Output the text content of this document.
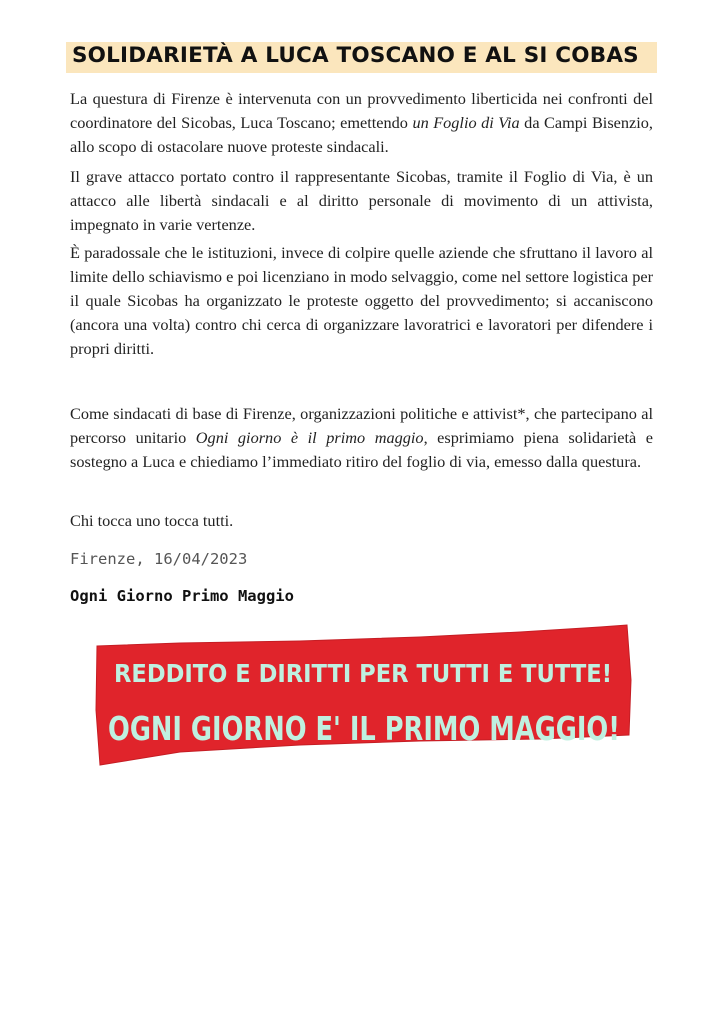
SOLIDARIETÀ A LUCA TOSCANO E AL SI COBAS

La questura di Firenze è intervenuta con un provvedimento liberticida nei confronti del coordinatore del Sicobas, Luca Toscano; emettendo un Foglio di Via da Campi Bisenzio, allo scopo di ostacolare nuove proteste sindacali.

Il grave attacco portato contro il rappresentante Sicobas, tramite il Foglio di Via, è un attacco alle libertà sindacali e al diritto personale di movimento di un attivista, impegnato in varie vertenze.

È paradossale che le istituzioni, invece di colpire quelle aziende che sfruttano il lavoro al limite dello schiavismo e poi licenziano in modo selvaggio, come nel settore logistica per il quale Sicobas ha organizzato le proteste oggetto del provvedimento; si accaniscono (ancora una volta) contro chi cerca di organizzare lavoratrici e lavoratori per difendere i propri diritti.

Come sindacati di base di Firenze, organizzazioni politiche e attivist*, che partecipano al percorso unitario Ogni giorno è il primo maggio, esprimiamo piena solidarietà e sostegno a Luca e chiediamo l’immediato ritiro del foglio di via, emesso dalla questura.

Chi tocca uno tocca tutti.

Firenze, 16/04/2023
Ogni Giorno Primo Maggio
REDDITO E DIRITTI PER TUTTI E TUTTE!
OGNI GIORNO E' IL PRIMO MAGGIO!
